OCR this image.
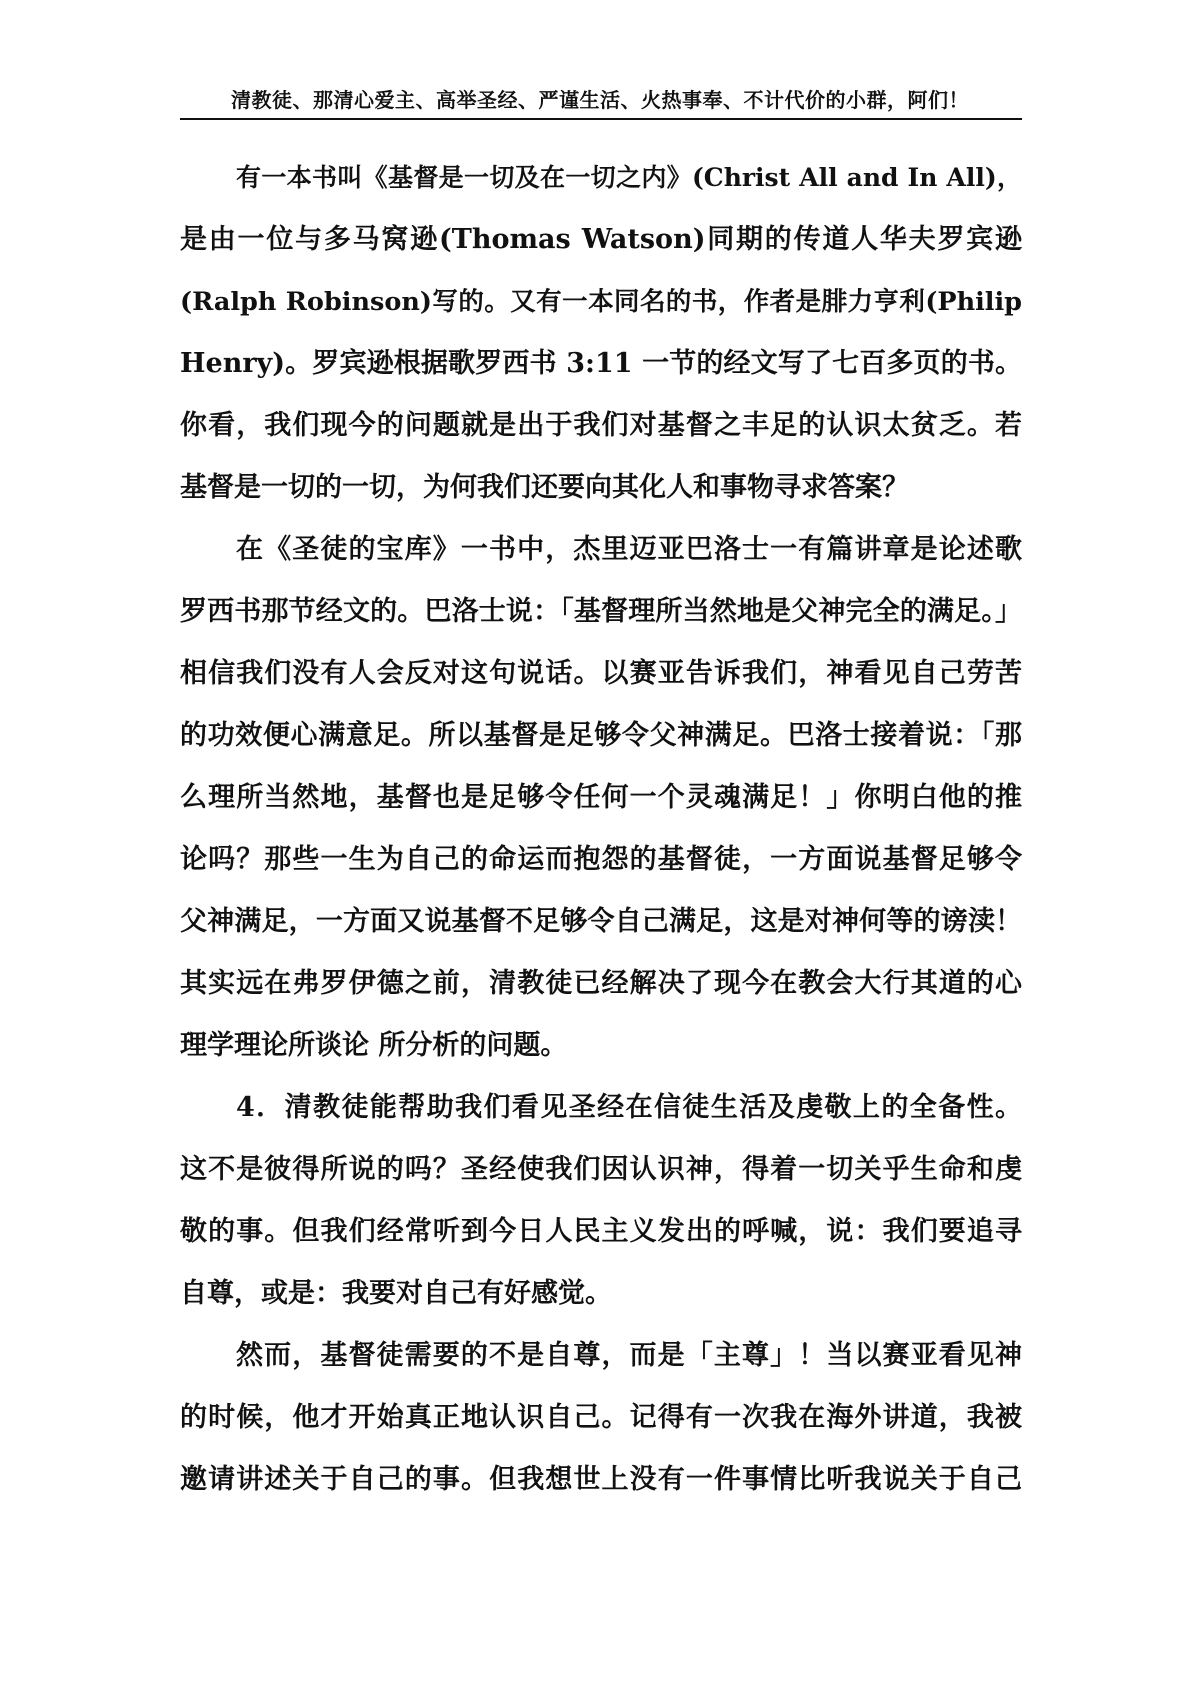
清教徒、那清心爱主、高举圣经、严谨生活、火热事奉、不计代价的小群，阿们！
有一本书叫《基督是一切及在一切之内》(Christ All and In All)，
是由一位与多马窝逊(Thomas Watson)同期的传道人华夫罗宾逊
(Ralph Robinson)写的。又有一本同名的书，作者是腓力亨利(Philip
Henry)。罗宾逊根据歌罗西书 3:11 一节的经文写了七百多页的书。
你看，我们现今的问题就是出于我们对基督之丰足的认识太贫乏。若
基督是一切的一切，为何我们还要向其化人和事物寻求答案？
在《圣徒的宝库》一书中，杰里迈亚巴洛士一有篇讲章是论述歌
罗西书那节经文的。巴洛士说：「基督理所当然地是父神完全的满足。」
相信我们没有人会反对这句说话。以赛亚告诉我们，神看见自己劳苦
的功效便心满意足。所以基督是足够令父神满足。巴洛士接着说：「那
么理所当然地，基督也是足够令任何一个灵魂满足！」你明白他的推
论吗？那些一生为自己的命运而抱怨的基督徒，一方面说基督足够令
父神满足，一方面又说基督不足够令自己满足，这是对神何等的谤渎！
其实远在弗罗伊德之前，清教徒已经解决了现今在教会大行其道的心
理学理论所谈论 所分析的问题。
4．清教徒能帮助我们看见圣经在信徒生活及虔敬上的全备性。
这不是彼得所说的吗？圣经使我们因认识神，得着一切关乎生命和虔
敬的事。但我们经常听到今日人民主义发出的呼喊，说：我们要追寻
自尊，或是：我要对自己有好感觉。
然而，基督徒需要的不是自尊，而是「主尊」！当以赛亚看见神
的时候，他才开始真正地认识自己。记得有一次我在海外讲道，我被
邀请讲述关于自己的事。但我想世上没有一件事情比听我说关于自己
